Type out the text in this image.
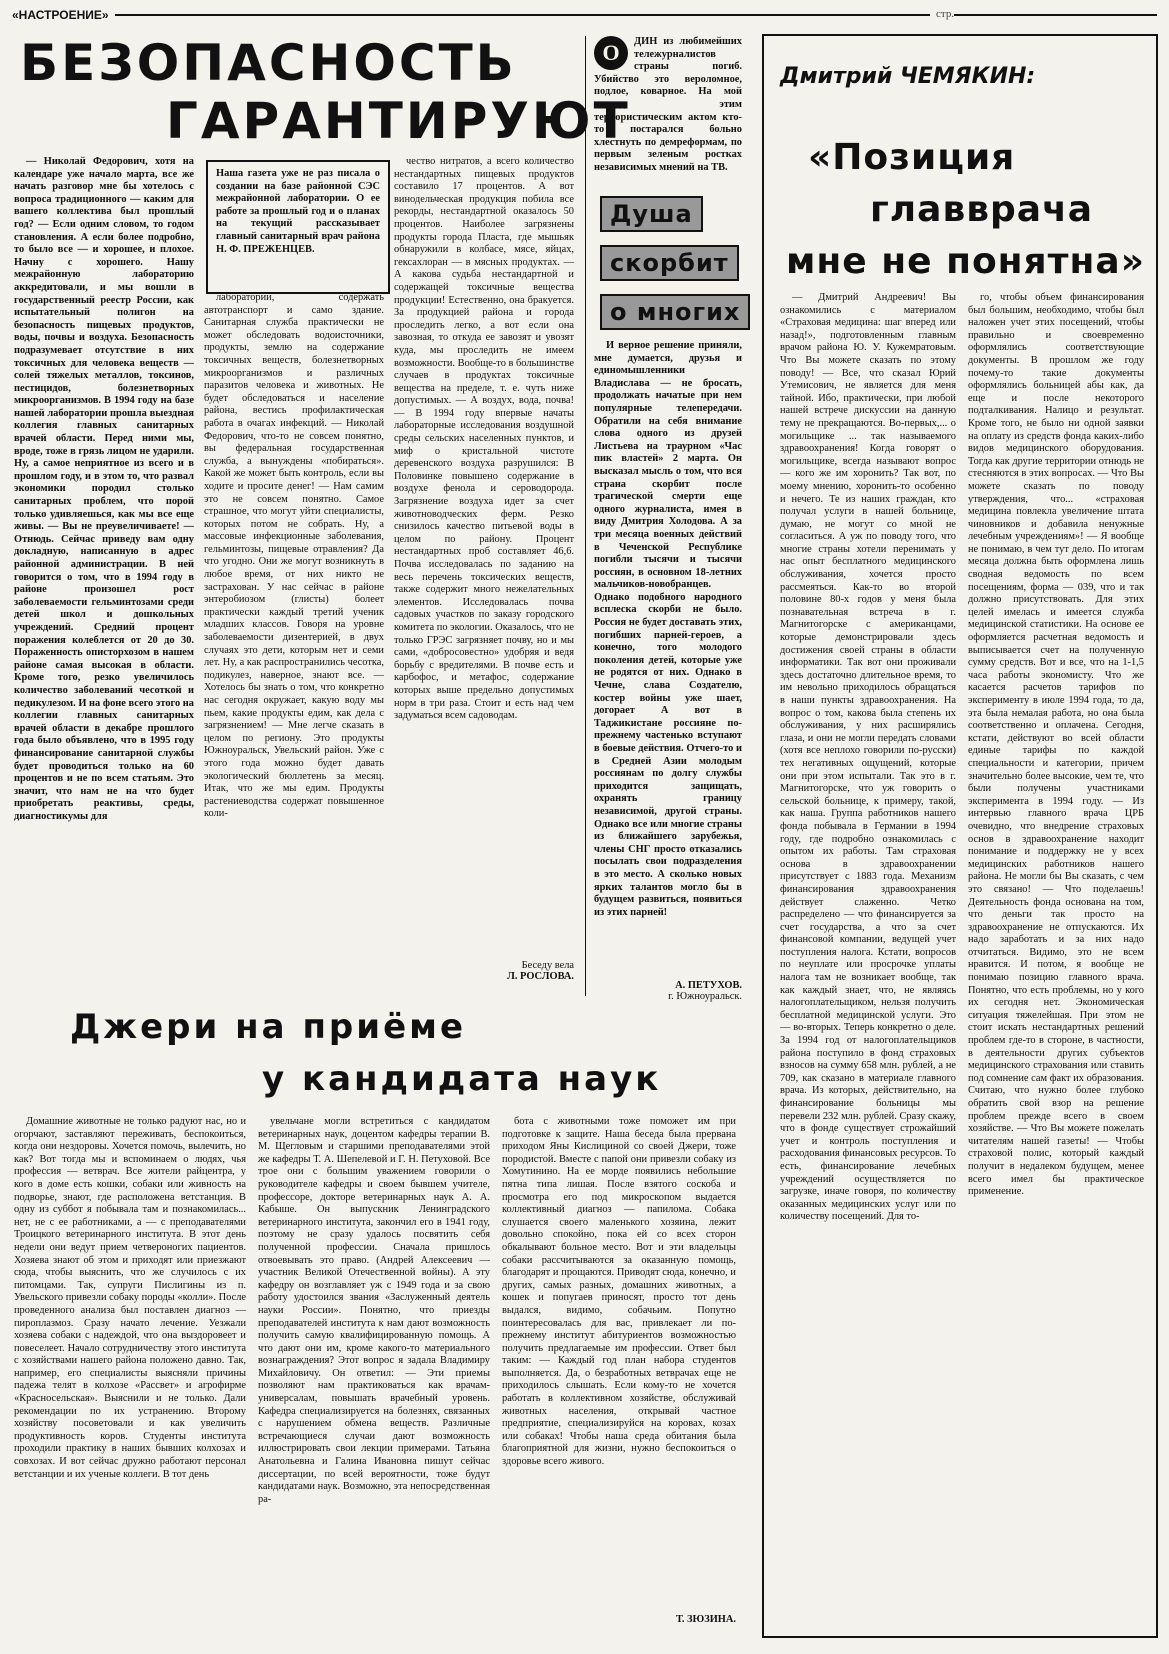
«НАСТРОЕНИЕ»	стр.
БЕЗОПАСНОСТЬ
ГАРАНТИРУЮТ

— Николай Федорович, хотя на календаре уже начало марта, все же начать разговор мне бы хотелось с вопроса традиционного — каким для вашего коллектива был прошлый год? — Если одним словом, то годом становления. А если более подробно, то было все — и хорошее, и плохое. Начну с хорошего. Нашу межрайонную лабораторию аккредитовали, и мы вошли в государственный реестр России, как испытательный полигон на безопасность пищевых продуктов, воды, почвы и воздуха. Безопасность подразумевает отсутствие в них токсичных для человека веществ — солей тяжелых металлов, токсинов, пестицидов, болезнетворных микроорганизмов. В 1994 году на базе нашей лаборатории прошла выездная коллегия главных санитарных врачей области. Перед ними мы, вроде, тоже в грязь лицом не ударили. Ну, а самое неприятное из всего и в прошлом году, и в этом то, что развал экономики породил столько санитарных проблем, что порой только удивляешься, как мы все еще живы. — Вы не преувеличиваете! — Отнюдь. Сейчас приведу вам одну докладную, написанную в адрес районной администрации. В ней говорится о том, что в 1994 году в районе произошел рост заболеваемости гельминтозами среди детей школ и дошкольных учреждений. Средний процент поражения колеблется от 20 до 30. Пораженность описторхозом в нашем районе самая высокая в области. Кроме того, резко увеличилось количество заболеваний чесоткой и педикулезом. И на фоне всего этого на коллегии главных санитарных врачей области в декабре прошлого года было объявлено, что в 1995 году финансирование санитарной службы будет проводиться только на 60 процентов и не по всем статьям. Это значит, что нам не на что будет приобретать реактивы, среды, диагностикумы для

Наша газета уже не раз писала о создании на базе районной СЭС межрайонной лаборатории. О ее работе за прошлый год и о планах на текущий рассказывает главный санитарный врач района Н. Ф. ПРЕЖЕНЦЕВ.

лаборатории, содержать автотранспорт и само здание. Санитарная служба практически не может обследовать водоисточники, продукты, землю на содержание токсичных веществ, болезнетворных микроорганизмов и различных паразитов человека и животных. Не будет обследоваться и население района, вестись профилактическая работа в очагах инфекций. — Николай Федорович, что-то не совсем понятно, вы федеральная государственная служба, а вынуждены «побираться». Какой же может быть контроль, если вы ходите и просите денег! — Нам самим это не совсем понятно. Самое страшное, что могут уйти специалисты, которых потом не собрать. Ну, а массовые инфекционные заболевания, гельминтозы, пищевые отравления? Да что угодно. Они же могут возникнуть в любое время, от них никто не застрахован. У нас сейчас в районе энтеробиозом (глисты) болеет практически каждый третий ученик младших классов. Говоря на уровне заболеваемости дизентерией, в двух случаях это дети, которым нет и семи лет. Ну, а как распространились чесотка, подикулез, наверное, знают все. — Хотелось бы знать о том, что конкретно нас сегодня окружает, какую воду мы пьем, какие продукты едим, как дела с загрязнением! — Мне легче сказать в целом по региону. Это продукты Южноуральск, Увельский район. Уже с этого года можно будет давать экологический бюллетень за месяц. Итак, что же мы едим. Продукты растениеводства содержат повышенное коли-

чество нитратов, а всего количество нестандартных пищевых продуктов составило 17 процентов. А вот винодельческая продукция побила все рекорды, нестандартной оказалось 50 процентов. Наиболее загрязнены продукты города Пласта, где мышьяк обнаружили в колбасе, мясе, яйцах, гексахлоран — в мясных продуктах. — А какова судьба нестандартной и содержащей токсичные вещества продукции! Естественно, она бракуется. За продукцией района и города проследить легко, а вот если она завозная, то откуда ее завозят и увозят куда, мы проследить не имеем возможности. Вообще-то в большинстве случаев в продуктах токсичные вещества на пределе, т. е. чуть ниже допустимых. — А воздух, вода, почва! — В 1994 году впервые начаты лабораторные исследования воздушной среды сельских населенных пунктов, и миф о кристальной чистоте деревенского воздуха разрушился: В Половинке повышено содержание в воздухе фенола и сероводорода. Загрязнение воздуха идет за счет животноводческих ферм. Резко снизилось качество питьевой воды в целом по району. Процент нестандартных проб составляет 46,6. Почва исследовалась по заданию на весь перечень токсических веществ, также содержит много нежелательных элементов. Исследовалась почва садовых участков по заказу городского комитета по экологии. Оказалось, что не только ГРЭС загрязняет почву, но и мы сами, «добросовестно» удобряя и ведя борьбу с вредителями. В почве есть и карбофос, и метафос, содержание которых выше предельно допустимых норм в три раза. Стоит и есть над чем задуматься всем садоводам.

Беседу вела
Л. РОСЛОВА.
О	ДИН из любимейших тележурналистов страны погиб. Убийство это вероломное, подлое, коварное. На мой взгляд, этим террористическим актом кто-то постарался больно хлестнуть по демреформам, по первым зеленым ростках независимых мнений на ТВ.
Душа
скорбит
о многих

И верное решение приняли, мне думается, друзья и единомышленники Владислава — не бросать, продолжать начатые при нем популярные телепередачи. Обратили на себя внимание слова одного из друзей Листьева на траурном «Час пик властей» 2 марта. Он высказал мысль о том, что вся страна скорбит после трагической смерти еще одного журналиста, имея в виду Дмитрия Холодова. А за три месяца военных действий в Чеченской Республике погибли тысячи и тысячи россиян, в основном 18-летних мальчиков-новобранцев. Однако подобного народного всплеска скорби не было. Россия не будет доставать этих, погибших парней-героев, а конечно, того молодого поколения детей, которые уже не родятся от них. Однако в Чечне, слава Создателю, костер войны уже шает, догорает А вот в Таджикистане россияне по-прежнему частенько вступают в боевые действия. Отчего-то и в Средней Азии молодым россиянам по долгу службы приходится защищать, охранять границу независимой, другой страны. Однако все или многие страны из ближайшего зарубежья, члены СНГ просто отказались посылать свои подразделения в это место. А сколько новых ярких талантов могло бы в будущем развиться, появиться из этих парней!

А. ПЕТУХОВ.
г. Южноуральск.
Джери на приёме
у кандидата наук

Домашние животные не только радуют нас, но и огорчают, заставляют переживать, беспокоиться, когда они нездоровы. Хочется помочь, вылечить, но как? Вот тогда мы и вспоминаем о людях, чья профессия — ветврач. Все жители райцентра, у кого в доме есть кошки, собаки или живность на подворье, знают, где расположена ветстанция. В одну из суббот я побывала там и познакомилась... нет, не с ее работниками, а — с преподавателями Троицкого ветеринарного института. В этот день недели они ведут прием четвероногих пациентов. Хозяева знают об этом и приходят или приезжают сюда, чтобы выяснить, что же случилось с их питомцами. Так, супруги Пислигины из п. Увельского привезли собаку породы «колли». После проведенного анализа был поставлен диагноз — пироплазмоз. Сразу начато лечение. Уезжали хозяева собаки с надеждой, что она выздоровеет и повеселеет. Начало сотрудничеству этого института с хозяйствами нашего района положено давно. Так, например, его специалисты выясняли причины падежа телят в колхозе «Рассвет» и агрофирме «Красносельская». Выяснили и не только. Дали рекомендации по их устранению. Второму хозяйству посоветовали и как увеличить продуктивность коров. Студенты института проходили практику в наших бывших колхозах и совхозах. И вот сейчас дружно работают персонал ветстанции и их ученые коллеги. В тот день

увельчане могли встретиться с кандидатом ветеринарных наук, доцентом кафедры терапии В. М. Щегловым и старшими преподавателями этой же кафедры Т. А. Шепелевой и Г. Н. Петуховой. Все трое они с большим уважением говорили о руководителе кафедры и своем бывшем учителе, профессоре, докторе ветеринарных наук А. А. Кабыше. Он выпускник Ленинградского ветеринарного института, закончил его в 1941 году, поэтому не сразу удалось посвятить себя полученной профессии. Сначала пришлось отвоевывать это право. (Андрей Алексеевич — участник Великой Отечественной войны). А эту кафедру он возглавляет уж с 1949 года и за свою работу удостоился звания «Заслуженный деятель науки России». Понятно, что приезды преподавателей института к нам дают возможность получить самую квалифицированную помощь. А что дают они им, кроме какого-то материального вознаграждения? Этот вопрос я задала Владимиру Михайловичу. Он ответил: — Эти приемы позволяют нам практиковаться как врачам-универсалам, повышать врачебный уровень. Кафедра специализируется на болезнях, связанных с нарушением обмена веществ. Различные встречающиеся случаи дают возможность иллюстрировать свои лекции примерами. Татьяна Анатольевна и Галина Ивановна пишут сейчас диссертации, по всей вероятности, тоже будут кандидатами наук. Возможно, эта непосредственная ра-

бота с животными тоже поможет им при подготовке к защите. Наша беседа была прервана приходом Яны Кислициной со своей Джери, тоже породистой. Вместе с папой они привезли собаку из Хомутинино. На ее морде появились небольшие пятна типа лишая. После взятого соскоба и просмотра его под микроскопом выдается коллективный диагноз — папилома. Собака слушается своего маленького хозяина, лежит довольно спокойно, пока ей со всех сторон обкалывают больное место. Вот и эти владельцы собаки рассчитываются за оказанную помощь, благодарят и прощаются. Приводят сюда, конечно, и других, самых разных, домашних животных, а кошек и попугаев приносят, просто тот день выдался, видимо, собачьим. Попутно поинтересовалась для вас, привлекает ли по-прежнему институт абитуриентов возможностью получить предлагаемые им профессии. Ответ был таким: — Каждый год план набора студентов выполняется. Да, о безработных ветврачах еще не приходилось слышать. Если кому-то не хочется работать в коллективном хозяйстве, обслуживай животных населения, открывай частное предприятие, специализируйся на коровах, козах или собаках! Чтобы наша среда обитания была благоприятной для жизни, нужно беспокоиться о здоровье всего живого.

Т. ЗЮЗИНА.
Дмитрий ЧЕМЯКИН:
«Позиция
главврача
мне не понятна»

— Дмитрий Андреевич! Вы ознакомились с материалом «Страховая медицина: шаг вперед или назад!», подготовленным главным врачом района Ю. У. Кужемратовым. Что Вы можете сказать по этому поводу! — Все, что сказал Юрий Утемисович, не является для меня тайной. Ибо, практически, при любой нашей встрече дискуссии на данную тему не прекращаются. Во-первых,... о могильщике ... так называемого здравоохранения! Когда говорят о могильщике, всегда называют вопрос — кого же им хоронить? Так вот, по моему мнению, хоронить-то особенно и нечего. Те из наших граждан, кто получал услуги в нашей больнице, думаю, не могут со мной не согласиться. А уж по поводу того, что многие страны хотели перенимать у нас опыт бесплатного медицинского обслуживания, хочется просто рассмеяться. Как-то во второй половине 80-х годов у меня была познавательная встреча в г. Магнитогорске с американцами, которые демонстрировали здесь достижения своей страны в области информатики. Так вот они проживали здесь достаточно длительное время, то им невольно приходилось обращаться в наши пункты здравоохранения. На вопрос о том, какова была степень их обслуживания, у них расширялись глаза, и они не могли передать словами (хотя все неплохо говорили по-русски) тех негативных ощущений, которые они при этом испытали. Так это в г. Магнитогорске, что уж говорить о сельской больнице, к примеру, такой, как наша. Группа работников нашего фонда побывала в Германии в 1994 году, где подробно ознакомилась с опытом их работы. Там страховая основа в здравоохранении присутствует с 1883 года. Механизм финансирования здравоохранения действует слаженно. Четко распределено — что финансируется за счет государства, а что за счет финансовой компании, ведущей учет поступления налога. Кстати, вопросов по неуплате или просрочке уплаты налога там не возникает вообще, так как каждый знает, что, не являясь налогоплательщиком, нельзя получить бесплатной медицинской услуги. Это — во-вторых. Теперь конкретно о деле. За 1994 год от налогоплательщиков района поступило в фонд страховых взносов на сумму 658 млн. рублей, а не 709, как сказано в материале главного врача. Из которых, действительно, на финансирование больницы мы перевели 232 млн. рублей. Сразу скажу, что в фонде существует строжайший учет и контроль поступления и расходования финансовых ресурсов. То есть, финансирование лечебных учреждений осуществляется по загрузке, иначе говоря, по количеству оказанных медицинских услуг или по количеству посещений. Для то-

го, чтобы объем финансирования был большим, необходимо, чтобы был наложен учет этих посещений, чтобы правильно и своевременно оформлялись соответствующие документы. В прошлом же году почему-то такие документы оформлялись больницей абы как, да еще и после некоторого подталкивания. Налицо и результат. Кроме того, не было ни одной заявки на оплату из средств фонда каких-либо видов медицинского оборудования. Тогда как другие территории отнюдь не стесняются в этих вопросах. — Что Вы можете сказать по поводу утверждения, что... «страховая медицина повлекла увеличение штата чиновников и добавила ненужные лечебным учреждениям»! — Я вообще не понимаю, в чем тут дело. По итогам месяца должна быть оформлена лишь сводная ведомость по всем посещениям, форма — 039, что и так должно присутствовать. Для этих целей имелась и имеется служба медицинской статистики. На основе ее оформляется расчетная ведомость и выписывается счет на полученную сумму средств. Вот и все, что на 1-1,5 часа работы экономисту. Что же касается расчетов тарифов по эксперименту в июле 1994 года, то да, эта была немалая работа, но она была соответственно и оплачена. Сегодня, кстати, действуют во всей области единые тарифы по каждой специальности и категории, причем значительно более высокие, чем те, что были получены участниками эксперимента в 1994 году. — Из интервью главного врача ЦРБ очевидно, что внедрение страховых основ в здравоохранение находит понимание и поддержку не у всех медицинских работников нашего района. Не могли бы Вы сказать, с чем это связано! — Что поделаешь! Деятельность фонда основана на том, что деньги так просто на здравоохранение не отпускаются. Их надо заработать и за них надо отчитаться. Видимо, это не всем нравится. И потом, я вообще не понимаю позицию главного врача. Понятно, что есть проблемы, но у кого их сегодня нет. Экономическая ситуация тяжелейшая. При этом не стоит искать нестандартных решений проблем где-то в стороне, в частности, в деятельности других субъектов медицинского страхования или ставить под сомнение сам факт их образования. Считаю, что нужно более глубоко обратить свой взор на решение проблем прежде всего в своем хозяйстве. — Что Вы можете пожелать читателям нашей газеты! — Чтобы страховой полис, который каждый получит в недалеком будущем, менее всего имел бы практическое применение.
